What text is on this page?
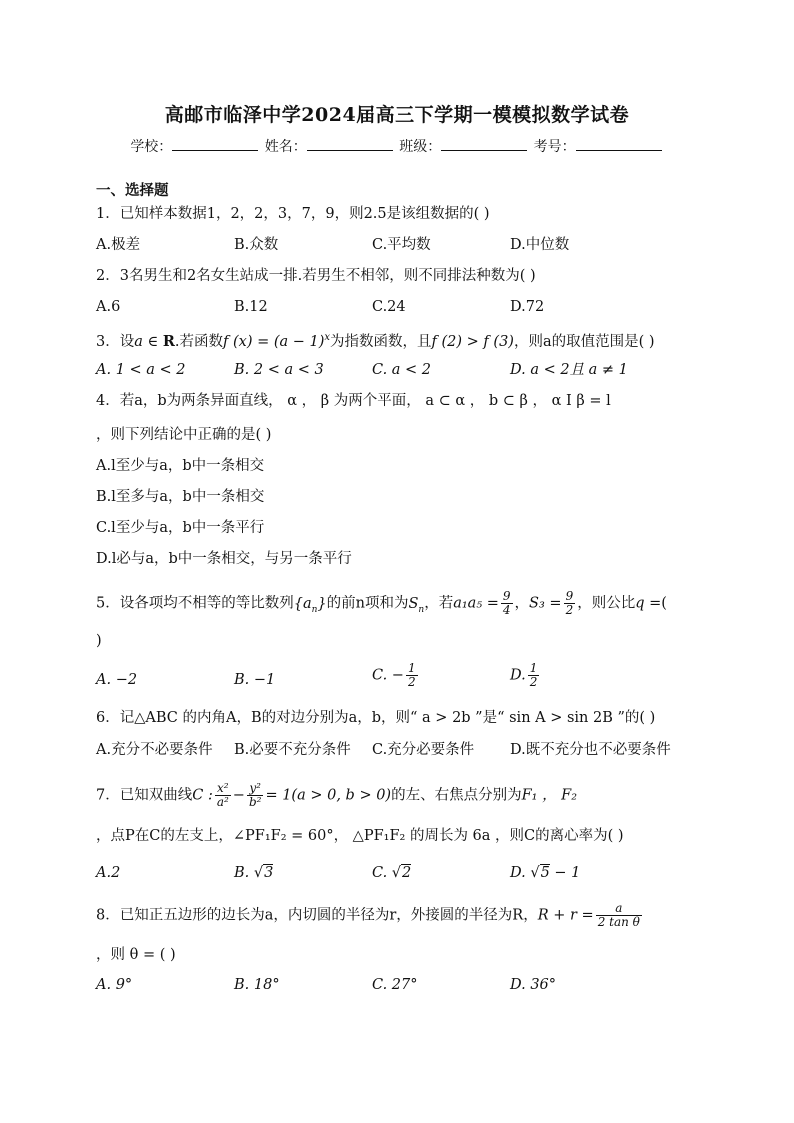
高邮市临泽中学2024届高三下学期一模模拟数学试卷
学校：	姓名：	班级：	考号：
一、选择题
1．已知样本数据1，2，2，3，7，9，则2.5是该组数据的( )
A.极差	B.众数	C.平均数	D.中位数
2．3名男生和2名女生站成一排.若男生不相邻，则不同排法种数为( )
A.6	B.12	C.24	D.72
3．设a ∈ R.若函数f $(x) = (a - 1)^x$为指数函数，且f (2) > f (3)，则a的取值范围是( )
A. 1 < a < 2	B. 2 < a < 3	C. a < 2	D. a < 2且 a ≠ 1
4．若a，b为两条异面直线， α ， β 为两个平面， a ⊂ α ， b ⊂ β ， α I β = l
，则下列结论中正确的是( )
A.l至少与a，b中一条相交
B.l至多与a，b中一条相交
C.l至少与a，b中一条平行
D.l必与a，b中一条相交，与另一条平行
5．设各项均不相等的等比数列$\{a_n\}$的前n项和为$S_n$，若$a_1a_5 = \frac{9}{4}$ ，$S_3 = \frac{9}{2}$ ，则公比q =(
)
A. −2	B. −1	C. − $\frac{1}{2}$	D. $\frac{1}{2}$
6．记△ABC 的内角A，B的对边分别为a，b，则“ a > 2b ”是“ sin A > sin 2B ”的( )
A.充分不必要条件 B.必要不充分条件 C.充分必要条件 D.既不充分也不必要条件
7．已知双曲线C : $\frac{\text{x²}}{\text{a²}} - \frac{\text{y²}}{\text{b²}} = 1(a > 0$, b > 0)的左、右焦点分别为F₁ ， F₂
，点P在C的左支上，∠PF₁F₂ = 60°， △PF₁F₂ 的周长为 6a ，则C的离心率为( )
A.2	B. √3	C. √2	D. √5 − 1
8．已知正五边形的边长为a，内切圆的半径为r，外接圆的半径为R，$R + r = \frac{a}{\text{2 tan θ}}$
，则 θ = ( )
A. 9°	B. 18°	C. 27°	D. 36°
